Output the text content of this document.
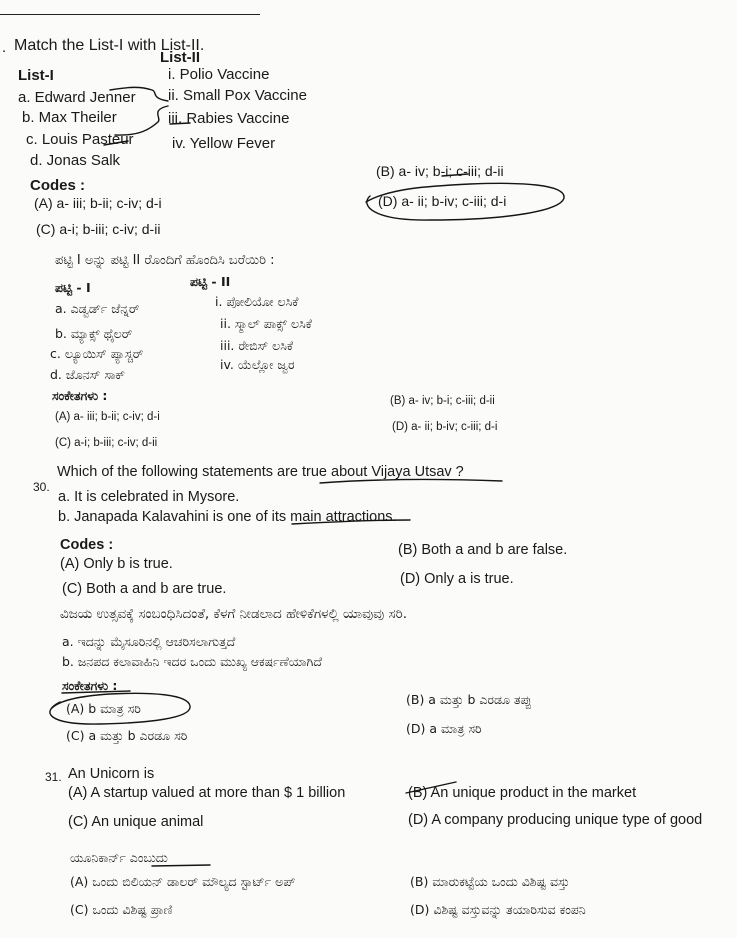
. Match the List-I with List-II.
List-I
List-II
a. Edward Jenner
b. Max Theiler
c. Louis Pasteur
d. Jonas Salk
i. Polio Vaccine
ii. Small Pox Vaccine
iii. Rabies Vaccine
iv. Yellow Fever
Codes :
(A) a- iii; b-ii; c-iv; d-i
(C) a-i; b-iii; c-iv; d-ii
(B) a- iv; b-i; c-iii; d-ii
(D) a- ii; b-iv; c-iii; d-i
ಪಟ್ಟಿ I ಅನ್ನು ಪಟ್ಟಿ II ರೊಂದಿಗೆ ಹೊಂದಿಸಿ ಬರೆಯಿರಿ :
ಪಟ್ಟಿ - I	ಪಟ್ಟಿ - II
a. ಎಡ್ವರ್ಡ್ ಜೆನ್ನರ್
b. ಮ್ಯಾಕ್ಸ್ ಥೈಲರ್
c. ಲ್ಯೂಯಿಸ್ ಪ್ಯಾಸ್ಚರ್
d. ಜೊನಸ್ ಸಾಕ್
i. ಪೋಲಿಯೋ ಲಸಿಕೆ
ii. ಸ್ಮಾಲ್ ಪಾಕ್ಸ್ ಲಸಿಕೆ
iii. ರೇಬಿಸ್ ಲಸಿಕೆ
iv. ಯೆಲ್ಲೋ ಜ್ವರ
ಸಂಕೇತಗಳು :
(A) a- iii; b-ii; c-iv; d-i
(C) a-i; b-iii; c-iv; d-ii
(B) a- iv; b-i; c-iii; d-ii
(D) a- ii; b-iv; c-iii; d-i
30.
Which of the following statements are true about Vijaya Utsav ?
a. It is celebrated in Mysore.
b. Janapada Kalavahini is one of its main attractions.
Codes :
(A) Only b is true.
(C) Both a and b are true.
(B) Both a and b are false.
(D) Only a is true.
ವಿಜಯ ಉತ್ಸವಕ್ಕೆ ಸಂಬಂಧಿಸಿದಂತೆ, ಕೆಳಗೆ ನೀಡಲಾದ ಹೇಳಿಕೆಗಳಲ್ಲಿ ಯಾವುವು ಸರಿ.
a. ಇದನ್ನು ಮೈಸೂರಿನಲ್ಲಿ ಆಚರಿಸಲಾಗುತ್ತದೆ
b. ಜನಪದ ಕಲಾವಾಹಿನಿ ಇದರ ಒಂದು ಮುಖ್ಯ ಆಕರ್ಷಣೆಯಾಗಿದೆ
ಸಂಕೇತಗಳು :
(A) b ಮಾತ್ರ ಸರಿ
(C) a ಮತ್ತು b ಎರಡೂ ಸರಿ
(B) a ಮತ್ತು b ಎರಡೂ ತಪ್ಪು
(D) a ಮಾತ್ರ ಸರಿ
31. An Unicorn is
(A) A startup valued at more than $ 1 billion
(C) An unique animal
(B) An unique product in the market
(D) A company producing unique type of good
ಯೂನಿಕಾರ್ನ್ ಎಂಬುದು
(A) ಒಂದು ಬಿಲಿಯನ್ ಡಾಲರ್ ಮೌಲ್ಯದ ಸ್ಟಾರ್ಟ್ ಅಪ್
(C) ಒಂದು ವಿಶಿಷ್ಟ ಪ್ರಾಣಿ
(B) ಮಾರುಕಟ್ಟೆಯ ಒಂದು ವಿಶಿಷ್ಟ ವಸ್ತು
(D) ವಿಶಿಷ್ಟ ವಸ್ತುವನ್ನು ತಯಾರಿಸುವ ಕಂಪನಿ
